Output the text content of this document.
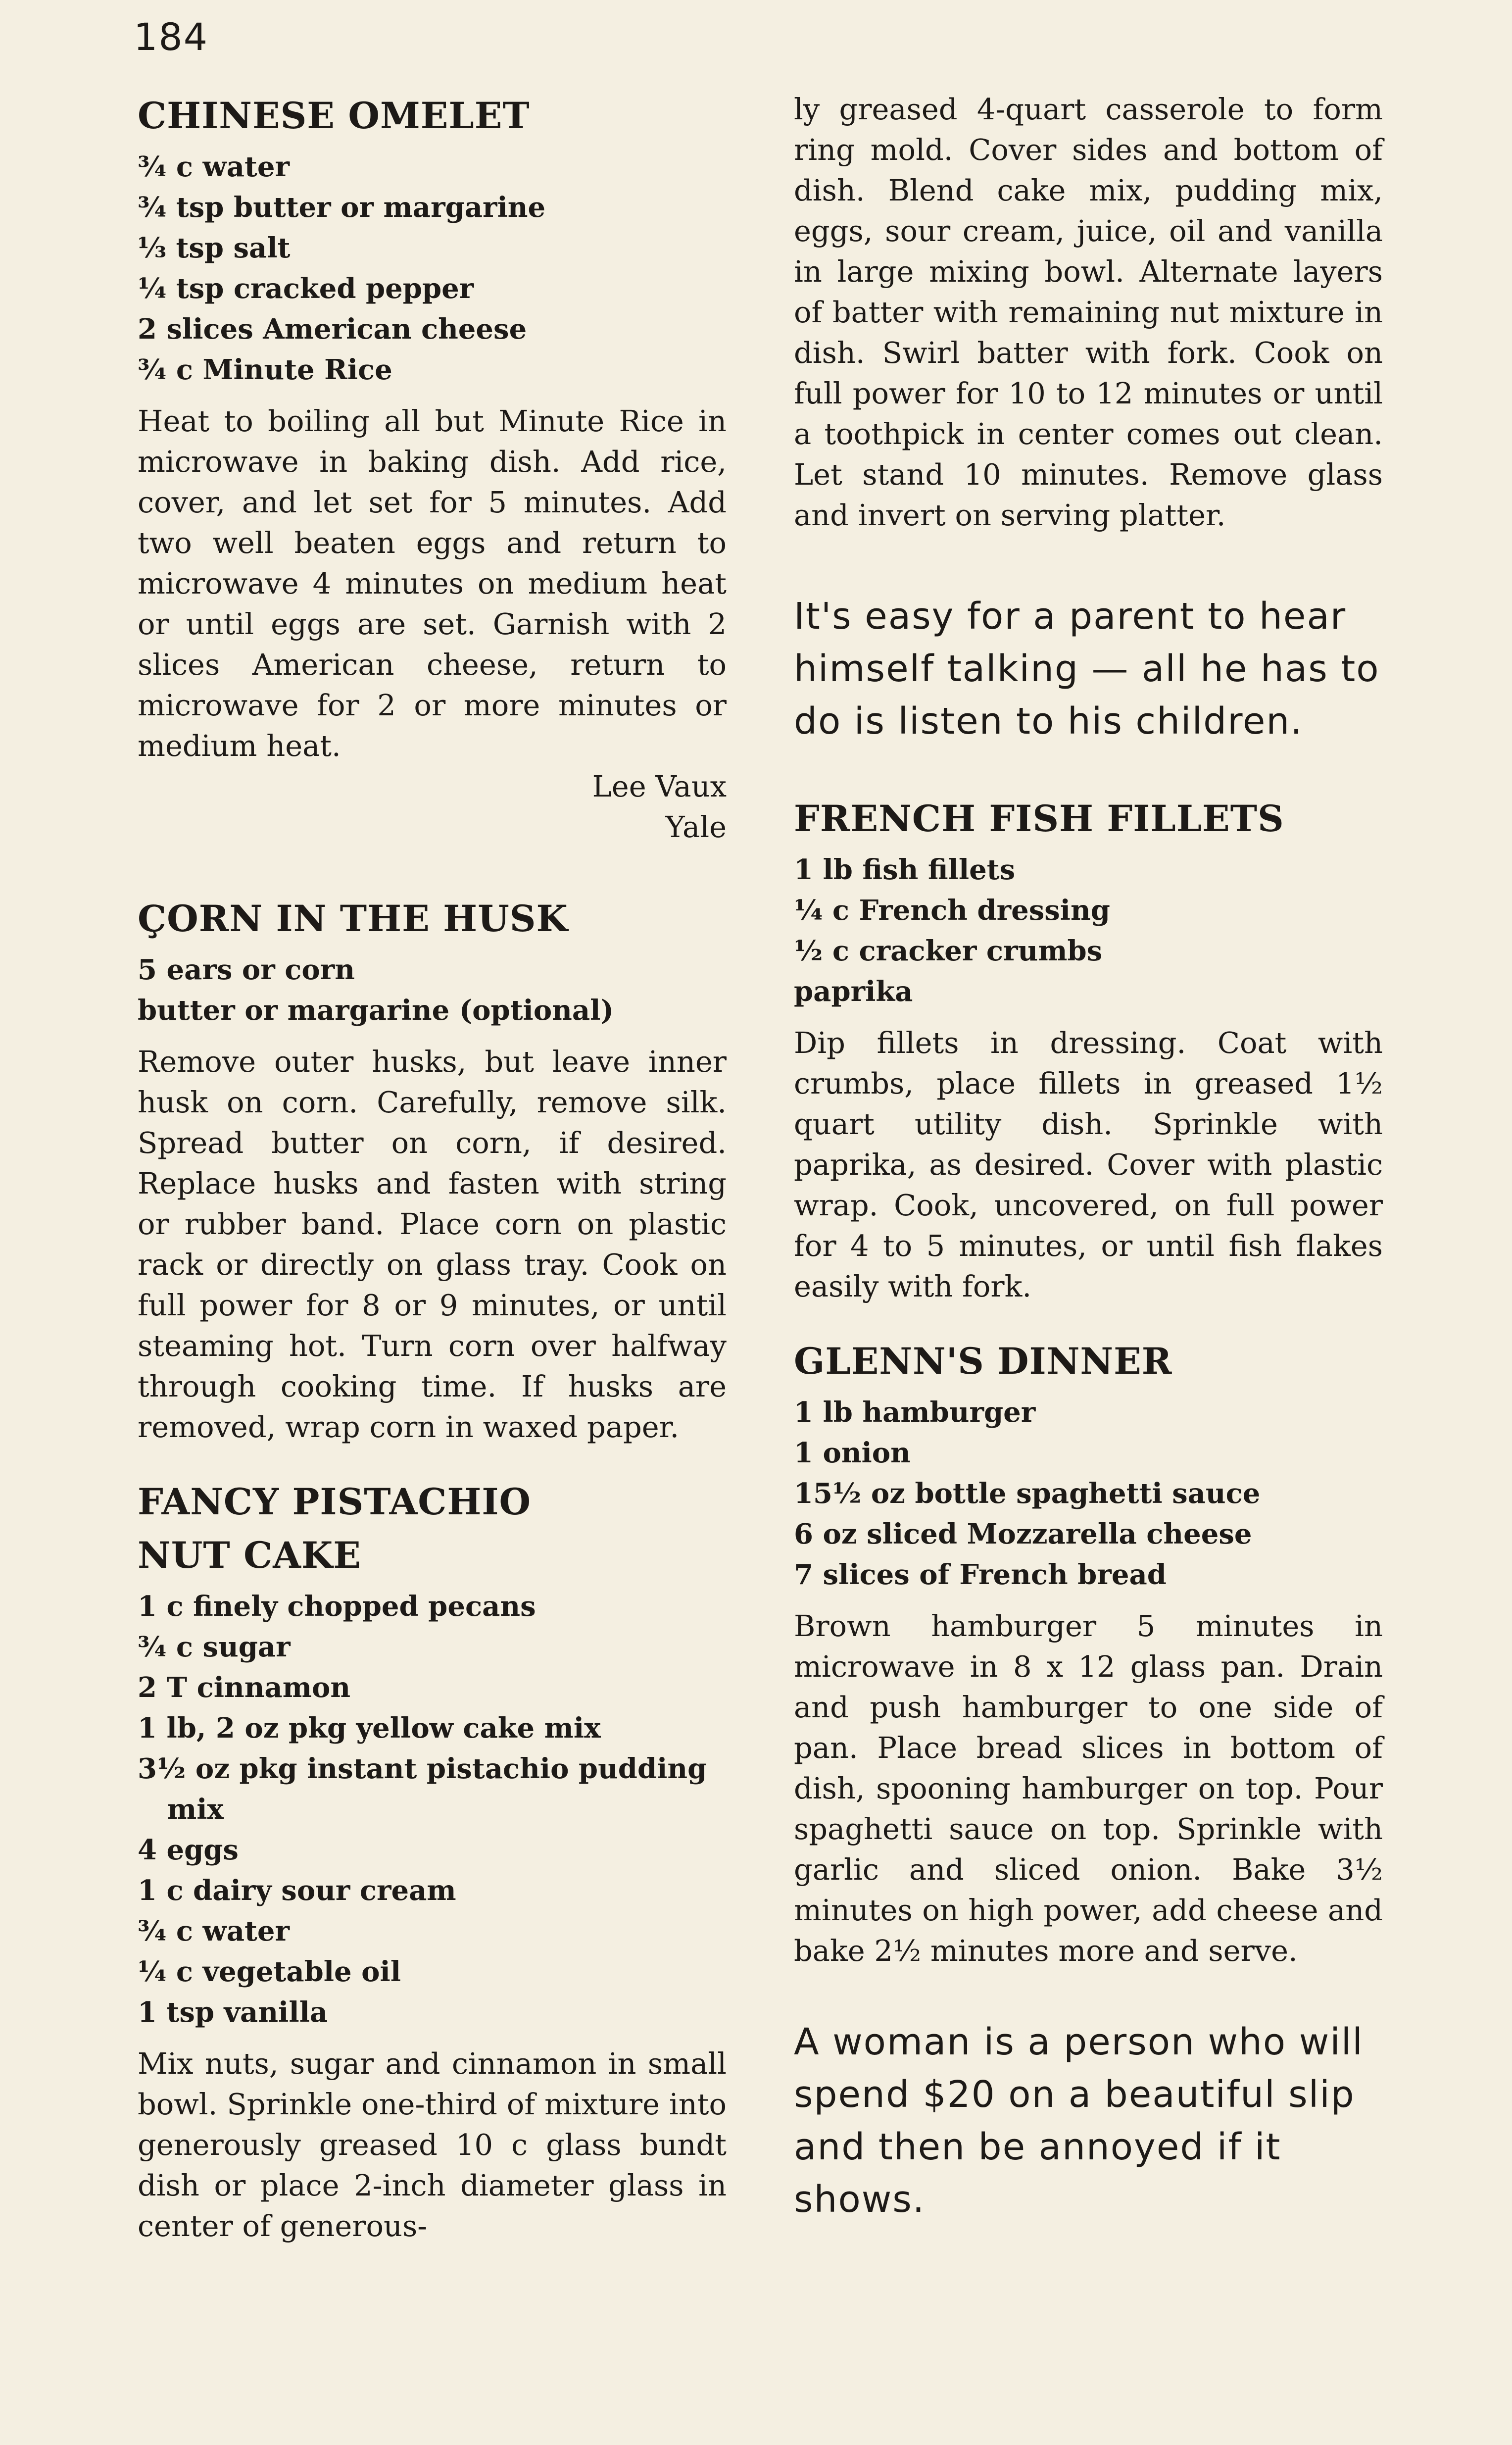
184
CHINESE OMELET
¾ c water
¾ tsp butter or margarine
⅓ tsp salt
¼ tsp cracked pepper
2 slices American cheese
¾ c Minute Rice

Heat to boiling all but Minute Rice in microwave in baking dish. Add rice, cover, and let set for 5 minutes. Add two well beaten eggs and return to microwave 4 minutes on medium heat or until eggs are set. Garnish with 2 slices American cheese, return to microwave for 2 or more minutes or medium heat.

Lee Vaux

Yale

ÇORN IN THE HUSK
5 ears or corn
butter or margarine (optional)

Remove outer husks, but leave inner husk on corn. Carefully, remove silk. Spread butter on corn, if desired. Replace husks and fasten with string or rubber band. Place corn on plastic rack or directly on glass tray. Cook on full power for 8 or 9 minutes, or until steaming hot. Turn corn over halfway through cooking time. If husks are removed, wrap corn in waxed paper.

FANCY PISTACHIO
NUT CAKE
1 c finely chopped pecans
¾ c sugar
2 T cinnamon
1 lb, 2 oz pkg yellow cake mix
3½ oz pkg instant pistachio pudding mix
4 eggs
1 c dairy sour cream
¾ c water
¼ c vegetable oil
1 tsp vanilla

Mix nuts, sugar and cinnamon in small bowl. Sprinkle one-third of mixture into generously greased 10 c glass bundt dish or place 2-inch diameter glass in center of generous-

ly greased 4-quart casserole to form ring mold. Cover sides and bottom of dish. Blend cake mix, pudding mix, eggs, sour cream, juice, oil and vanilla in large mixing bowl. Alternate layers of batter with remaining nut mixture in dish. Swirl batter with fork. Cook on full power for 10 to 12 minutes or until a toothpick in center comes out clean. Let stand 10 minutes. Remove glass and invert on serving platter.

It's easy for a parent to hear himself talking — all he has to do is listen to his children.

FRENCH FISH FILLETS
1 lb fish fillets
¼ c French dressing
½ c cracker crumbs
paprika

Dip fillets in dressing. Coat with crumbs, place fillets in greased 1½ quart utility dish. Sprinkle with paprika, as desired. Cover with plastic wrap. Cook, uncovered, on full power for 4 to 5 minutes, or until fish flakes easily with fork.

GLENN'S DINNER
1 lb hamburger
1 onion
15½ oz bottle spaghetti sauce
6 oz sliced Mozzarella cheese
7 slices of French bread

Brown hamburger 5 minutes in microwave in 8 x 12 glass pan. Drain and push hamburger to one side of pan. Place bread slices in bottom of dish, spooning hamburger on top. Pour spaghetti sauce on top. Sprinkle with garlic and sliced onion. Bake 3½ minutes on high power, add cheese and bake 2½ minutes more and serve.

A woman is a person who will spend $20 on a beautiful slip and then be annoyed if it shows.
